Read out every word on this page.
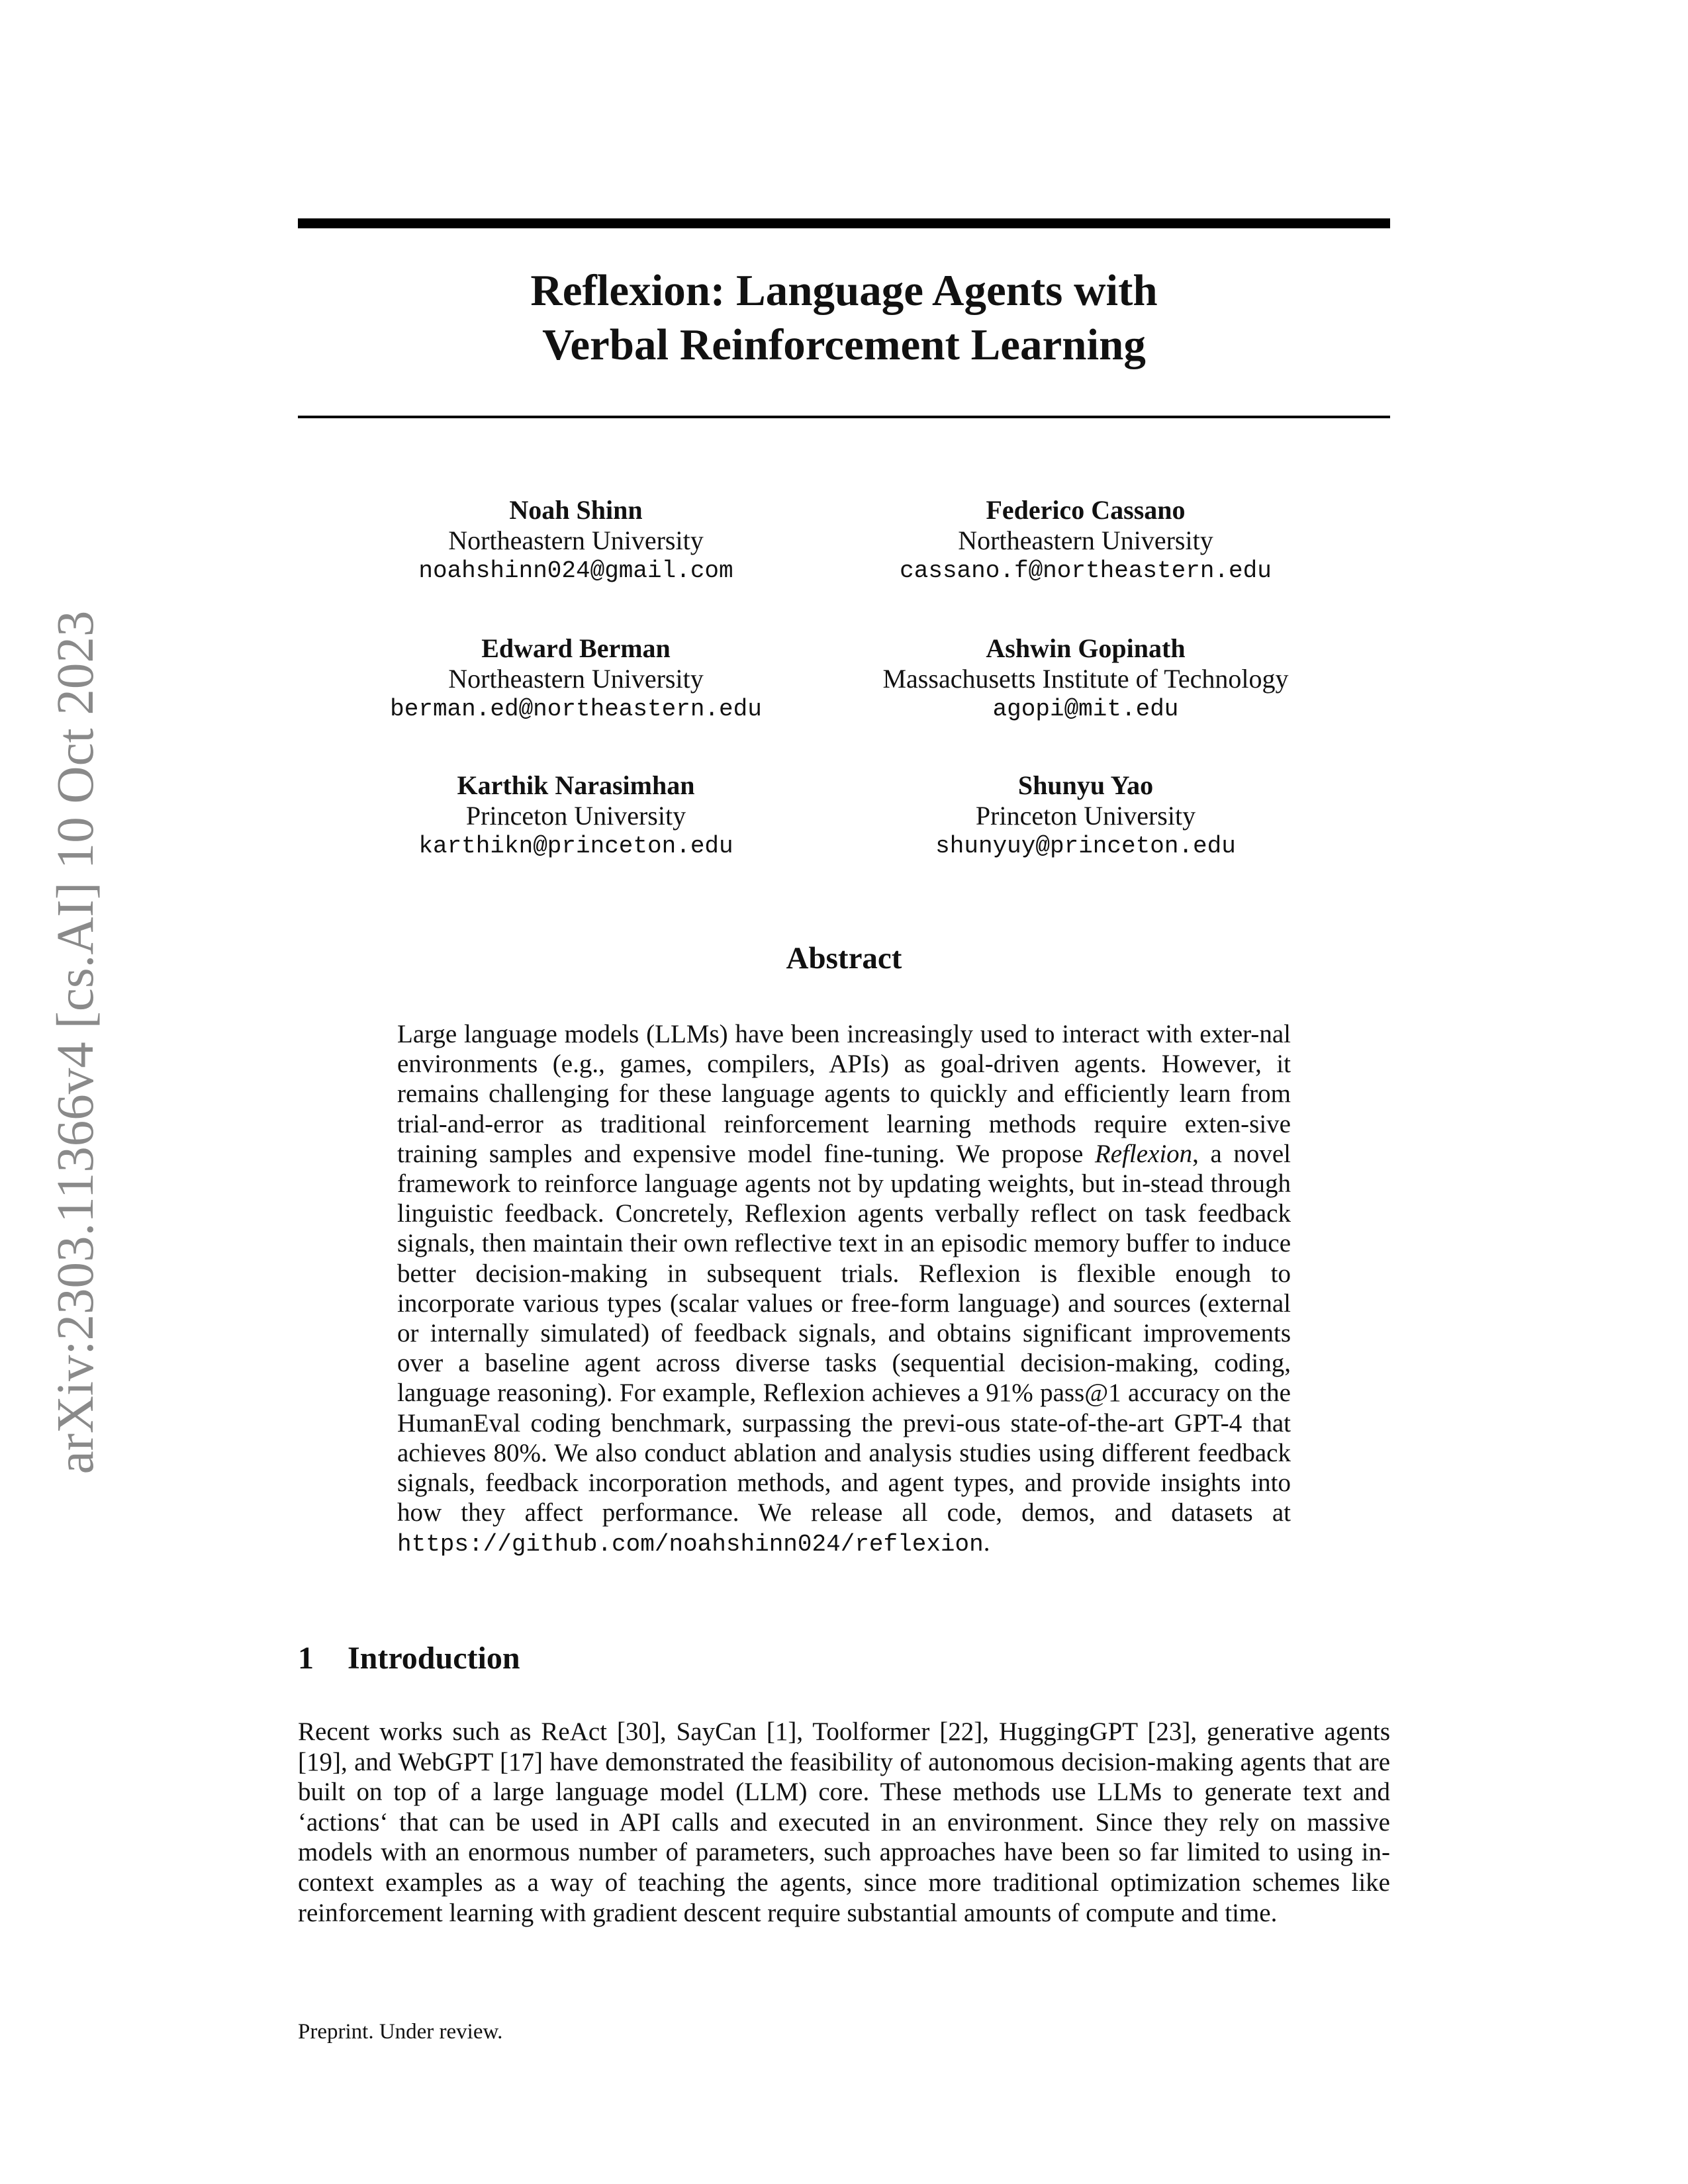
arXiv:2303.11366v4 [cs.AI] 10 Oct 2023
Reflexion: Language Agents with
Verbal Reinforcement Learning
Noah Shinn
Northeastern University
noahshinn024@gmail.com
Federico Cassano
Northeastern University
cassano.f@northeastern.edu
Edward Berman
Northeastern University
berman.ed@northeastern.edu
Ashwin Gopinath
Massachusetts Institute of Technology
agopi@mit.edu
Karthik Narasimhan
Princeton University
karthikn@princeton.edu
Shunyu Yao
Princeton University
shunyuy@princeton.edu
Abstract
Large language models (LLMs) have been increasingly used to interact with exter-nal environments (e.g., games, compilers, APIs) as goal-driven agents. However, it remains challenging for these language agents to quickly and efficiently learn from trial-and-error as traditional reinforcement learning methods require exten-sive training samples and expensive model fine-tuning. We propose Reflexion, a novel framework to reinforce language agents not by updating weights, but in-stead through linguistic feedback. Concretely, Reflexion agents verbally reflect on task feedback signals, then maintain their own reflective text in an episodic memory buffer to induce better decision-making in subsequent trials. Reflexion is flexible enough to incorporate various types (scalar values or free-form language) and sources (external or internally simulated) of feedback signals, and obtains significant improvements over a baseline agent across diverse tasks (sequential decision-making, coding, language reasoning). For example, Reflexion achieves a 91% pass@1 accuracy on the HumanEval coding benchmark, surpassing the previ-ous state-of-the-art GPT-4 that achieves 80%. We also conduct ablation and analysis studies using different feedback signals, feedback incorporation methods, and agent types, and provide insights into how they affect performance. We release all code, demos, and datasets at https://github.com/noahshinn024/reflexion.
1 Introduction
Recent works such as ReAct [30], SayCan [1], Toolformer [22], HuggingGPT [23], generative agents [19], and WebGPT [17] have demonstrated the feasibility of autonomous decision-making agents that are built on top of a large language model (LLM) core. These methods use LLMs to generate text and ‘actions‘ that can be used in API calls and executed in an environment. Since they rely on massive models with an enormous number of parameters, such approaches have been so far limited to using in-context examples as a way of teaching the agents, since more traditional optimization schemes like reinforcement learning with gradient descent require substantial amounts of compute and time.
Preprint. Under review.
